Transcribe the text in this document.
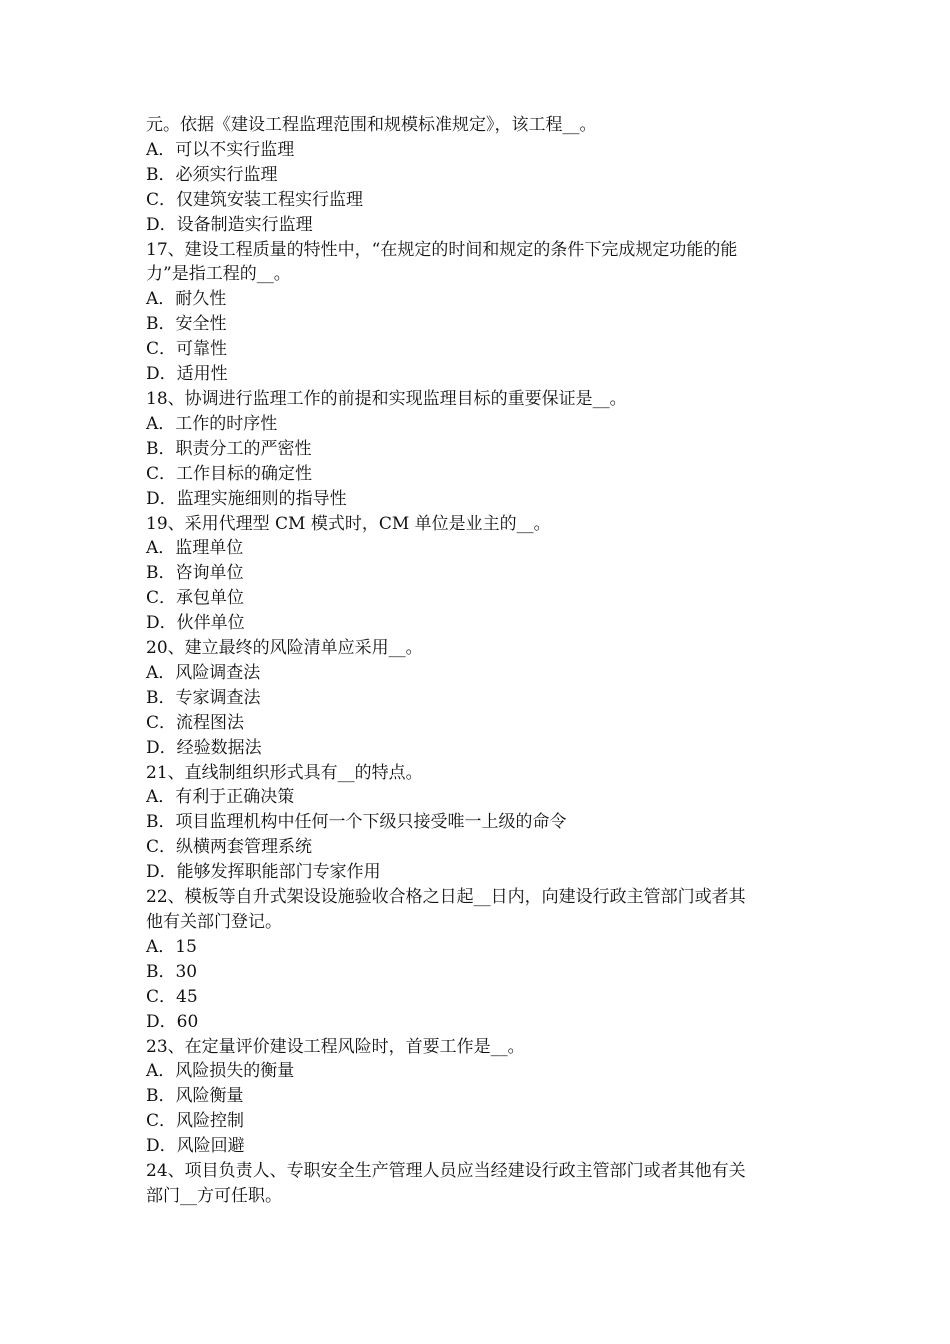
元。依据《建设工程监理范围和规模标准规定》，该工程__。

A．可以不实行监理

B．必须实行监理

C．仅建筑安装工程实行监理

D．设备制造实行监理

17、建设工程质量的特性中，“在规定的时间和规定的条件下完成规定功能的能

力”是指工程的__。

A．耐久性

B．安全性

C．可靠性

D．适用性

18、协调进行监理工作的前提和实现监理目标的重要保证是__。

A．工作的时序性

B．职责分工的严密性

C．工作目标的确定性

D．监理实施细则的指导性

19、采用代理型 CM 模式时，CM 单位是业主的__。

A．监理单位

B．咨询单位

C．承包单位

D．伙伴单位

20、建立最终的风险清单应采用__。

A．风险调查法

B．专家调查法

C．流程图法

D．经验数据法

21、直线制组织形式具有__的特点。

A．有利于正确决策

B．项目监理机构中任何一个下级只接受唯一上级的命令

C．纵横两套管理系统

D．能够发挥职能部门专家作用

22、模板等自升式架设设施验收合格之日起__日内，向建设行政主管部门或者其

他有关部门登记。

A．15

B．30

C．45

D．60

23、在定量评价建设工程风险时，首要工作是__。

A．风险损失的衡量

B．风险衡量

C．风险控制

D．风险回避

24、项目负责人、专职安全生产管理人员应当经建设行政主管部门或者其他有关

部门__方可任职。
